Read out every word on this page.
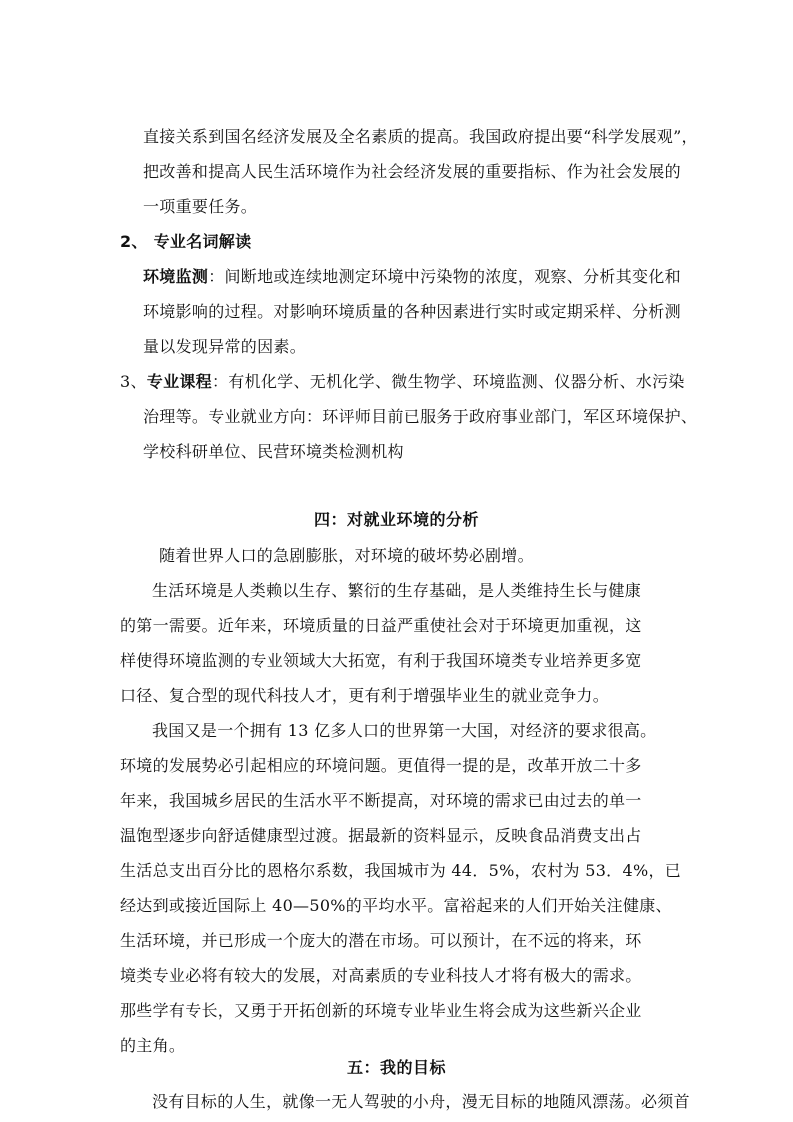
直接关系到国名经济发展及全名素质的提高。我国政府提出要“科学发展观”，
把改善和提高人民生活环境作为社会经济发展的重要指标、作为社会发展的
一项重要任务。
2、 专业名词解读
环境监测：间断地或连续地测定环境中污染物的浓度，观察、分析其变化和
环境影响的过程。对影响环境质量的各种因素进行实时或定期采样、分析测
量以发现异常的因素。
3、专业课程：有机化学、无机化学、微生物学、环境监测、仪器分析、水污染
治理等。专业就业方向：环评师目前已服务于政府事业部门，军区环境保护、
学校科研单位、民营环境类检测机构
四：对就业环境的分析
随着世界人口的急剧膨胀，对环境的破坏势必剧增。
生活环境是人类赖以生存、繁衍的生存基础，是人类维持生长与健康
的第一需要。近年来，环境质量的日益严重使社会对于环境更加重视，这
样使得环境监测的专业领域大大拓宽，有利于我国环境类专业培养更多宽
口径、复合型的现代科技人才，更有利于增强毕业生的就业竞争力。
我国又是一个拥有 13 亿多人口的世界第一大国，对经济的要求很高。
环境的发展势必引起相应的环境问题。更值得一提的是，改革开放二十多
年来，我国城乡居民的生活水平不断提高，对环境的需求已由过去的单一
温饱型逐步向舒适健康型过渡。据最新的资料显示，反映食品消费支出占
生活总支出百分比的恩格尔系数，我国城市为 44．5%，农村为 53．4%，已
经达到或接近国际上 40—50%的平均水平。富裕起来的人们开始关注健康、
生活环境，并已形成一个庞大的潜在市场。可以预计，在不远的将来，环
境类专业必将有较大的发展，对高素质的专业科技人才将有极大的需求。
那些学有专长，又勇于开拓创新的环境专业毕业生将会成为这些新兴企业
的主角。
五：我的目标
没有目标的人生，就像一无人驾驶的小舟，漫无目标的地随风漂荡。必须首
